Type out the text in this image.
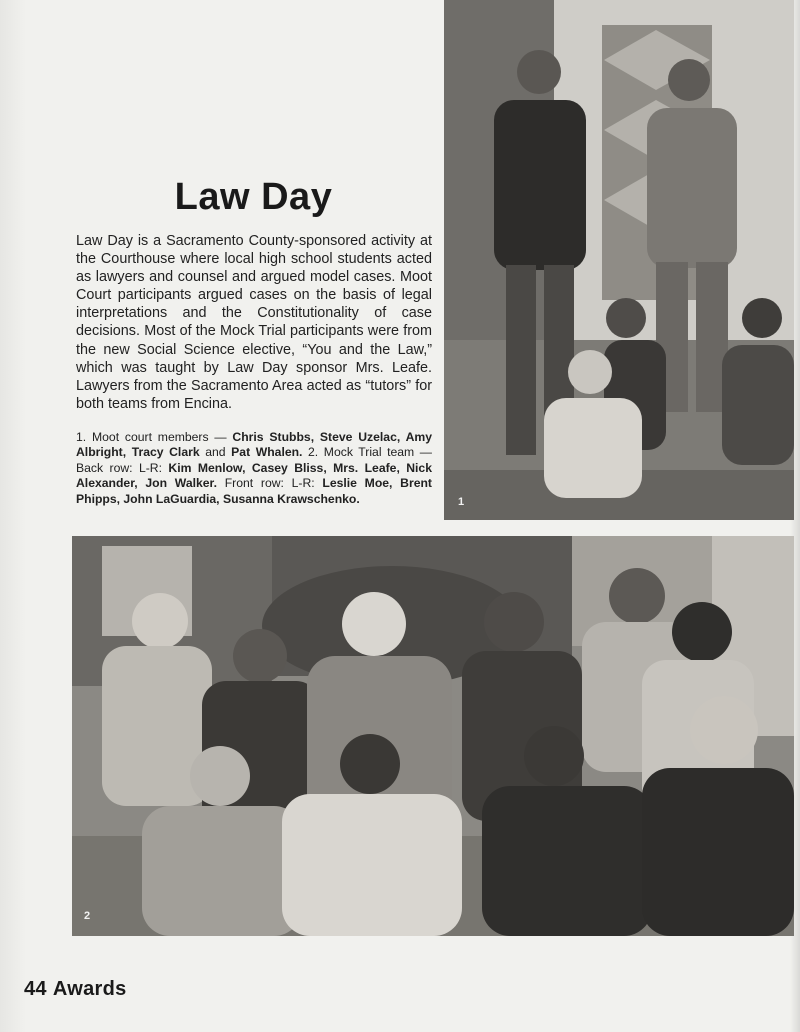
1
Law Day

Law Day is a Sacramento County-sponsored activity at the Courthouse where local high school students acted as lawyers and counsel and argued model cases. Moot Court participants argued cases on the basis of legal interpretations and the Constitutionality of case decisions. Most of the Mock Trial participants were from the new Social Science elective, “You and the Law,” which was taught by Law Day sponsor Mrs. Leafe. Lawyers from the Sacramento Area acted as “tutors” for both teams from Encina.

1. Moot court members — Chris Stubbs, Steve Uzelac, Amy Albright, Tracy Clark and Pat Whalen. 2. Mock Trial team — Back row: L-R: Kim Menlow, Casey Bliss, Mrs. Leafe, Nick Alexander, Jon Walker. Front row: L-R: Leslie Moe, Brent Phipps, John LaGuardia, Susanna Krawschenko.

2
44 Awards
